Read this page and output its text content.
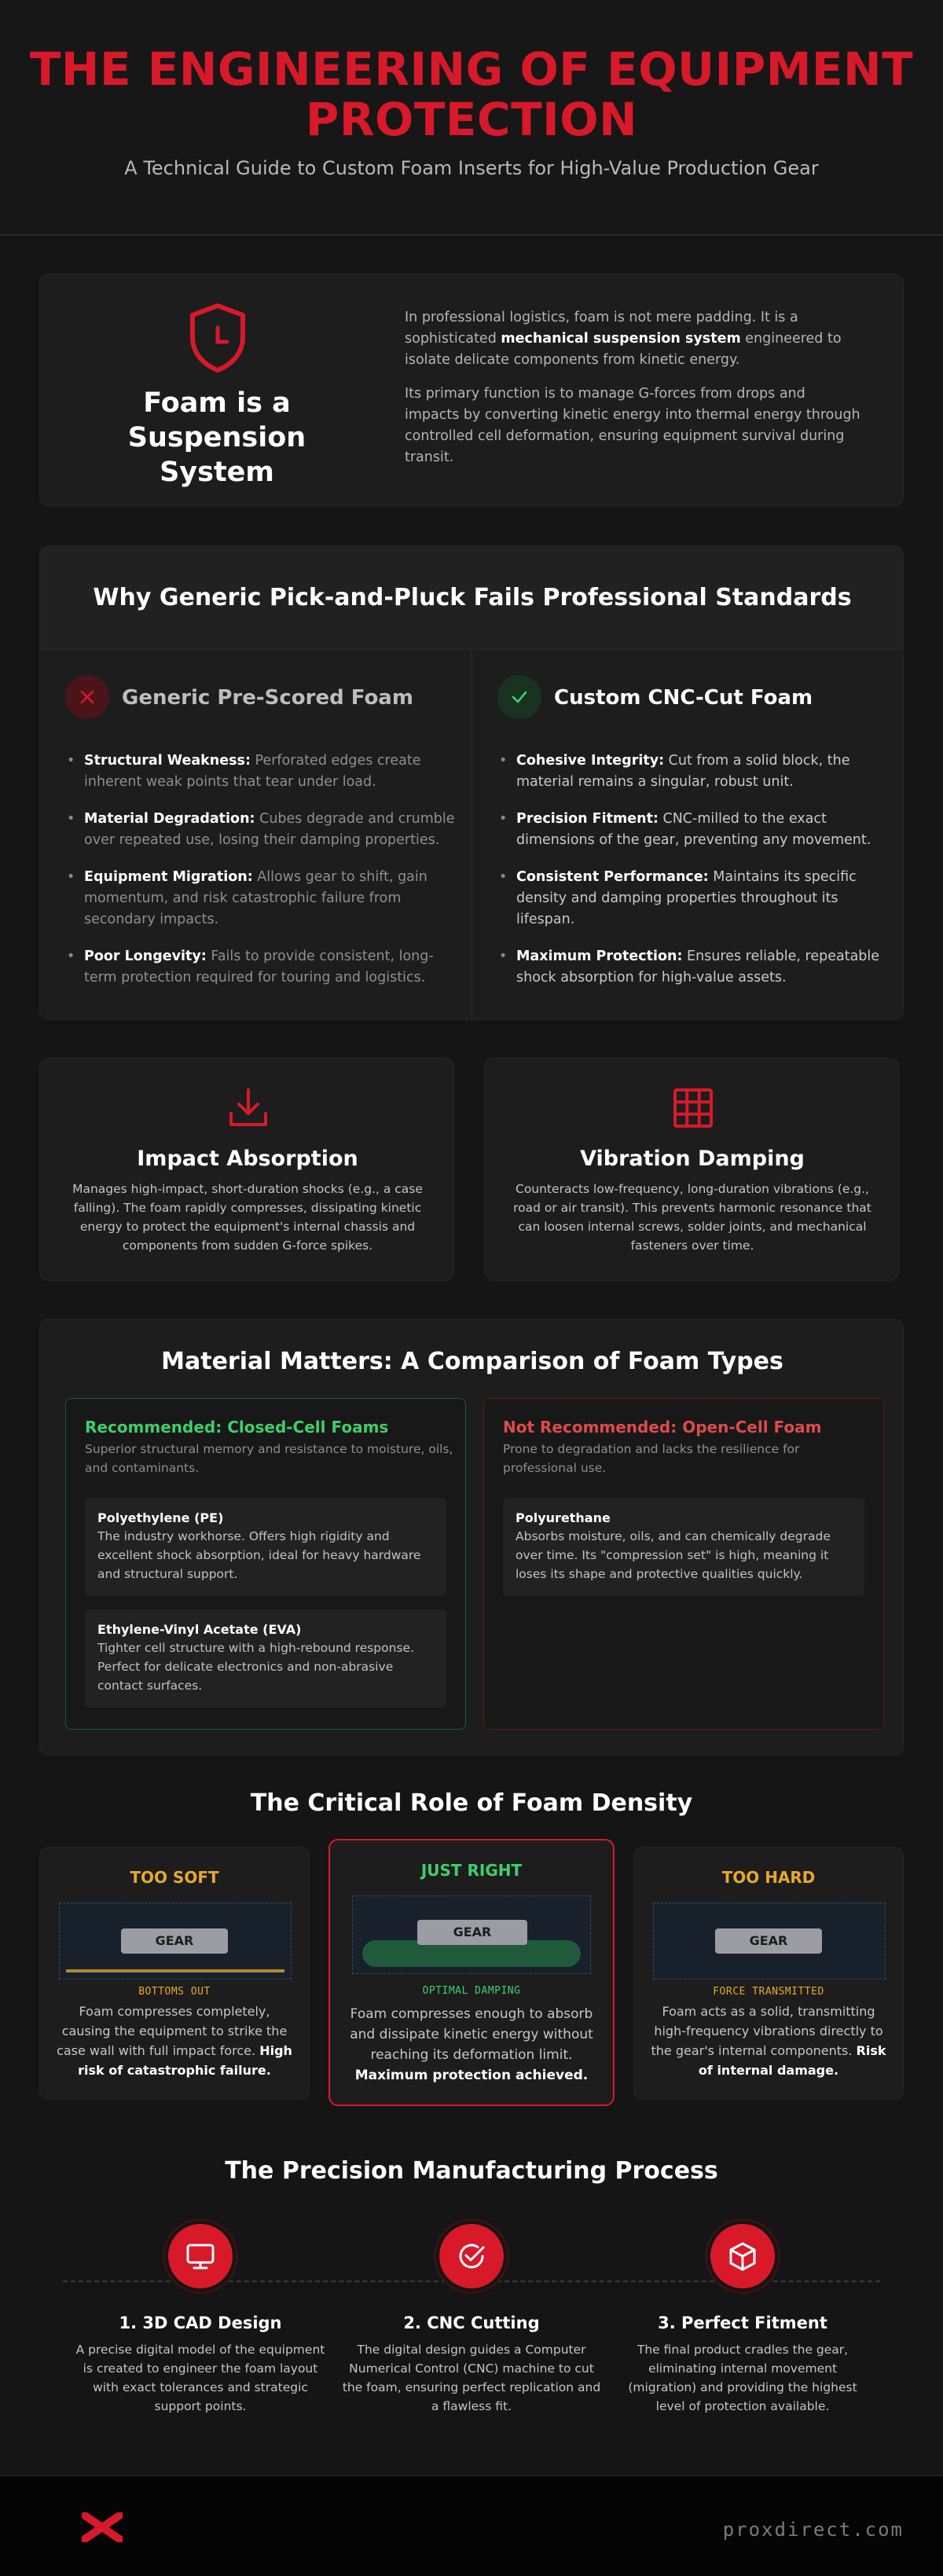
THE ENGINEERING OF EQUIPMENT PROTECTION
A Technical Guide to Custom Foam Inserts for High-Value Production Gear
Foam is a Suspension System

In professional logistics, foam is not mere padding. It is a sophisticated mechanical suspension system engineered to isolate delicate components from kinetic energy.

Its primary function is to manage G-forces from drops and impacts by converting kinetic energy into thermal energy through controlled cell deformation, ensuring equipment survival during transit.

Why Generic Pick-and-Pluck Fails Professional Standards
Generic Pre-Scored Foam
• Structural Weakness: Perforated edges create inherent weak points that tear under load.
• Material Degradation: Cubes degrade and crumble over repeated use, losing their damping properties.
• Equipment Migration: Allows gear to shift, gain momentum, and risk catastrophic failure from secondary impacts.
• Poor Longevity: Fails to provide consistent, long-term protection required for touring and logistics.
Custom CNC-Cut Foam
• Cohesive Integrity: Cut from a solid block, the material remains a singular, robust unit.
• Precision Fitment: CNC-milled to the exact dimensions of the gear, preventing any movement.
• Consistent Performance: Maintains its specific density and damping properties throughout its lifespan.
• Maximum Protection: Ensures reliable, repeatable shock absorption for high-value assets.
Impact Absorption
Manages high-impact, short-duration shocks (e.g., a case falling). The foam rapidly compresses, dissipating kinetic energy to protect the equipment's internal chassis and components from sudden G-force spikes.
Vibration Damping
Counteracts low-frequency, long-duration vibrations (e.g., road or air transit). This prevents harmonic resonance that can loosen internal screws, solder joints, and mechanical fasteners over time.
Material Matters: A Comparison of Foam Types
Recommended: Closed-Cell Foams
Superior structural memory and resistance to moisture, oils, and contaminants.
Polyethylene (PE)
The industry workhorse. Offers high rigidity and excellent shock absorption, ideal for heavy hardware and structural support.
Ethylene-Vinyl Acetate (EVA)
Tighter cell structure with a high-rebound response. Perfect for delicate electronics and non-abrasive contact surfaces.
Not Recommended: Open-Cell Foam
Prone to degradation and lacks the resilience for professional use.
Polyurethane
Absorbs moisture, oils, and can chemically degrade over time. Its "compression set" is high, meaning it loses its shape and protective qualities quickly.
The Critical Role of Foam Density
TOO SOFT
GEAR
BOTTOMS OUT
Foam compresses completely, causing the equipment to strike the case wall with full impact force. High risk of catastrophic failure.
JUST RIGHT
GEAR
OPTIMAL DAMPING
Foam compresses enough to absorb and dissipate kinetic energy without reaching its deformation limit. Maximum protection achieved.
TOO HARD
GEAR
FORCE TRANSMITTED
Foam acts as a solid, transmitting high-frequency vibrations directly to the gear's internal components. Risk of internal damage.
The Precision Manufacturing Process
1. 3D CAD Design
A precise digital model of the equipment is created to engineer the foam layout with exact tolerances and strategic support points.
2. CNC Cutting
The digital design guides a Computer Numerical Control (CNC) machine to cut the foam, ensuring perfect replication and a flawless fit.
3. Perfect Fitment
The final product cradles the gear, eliminating internal movement (migration) and providing the highest level of protection available.
proxdirect.com
